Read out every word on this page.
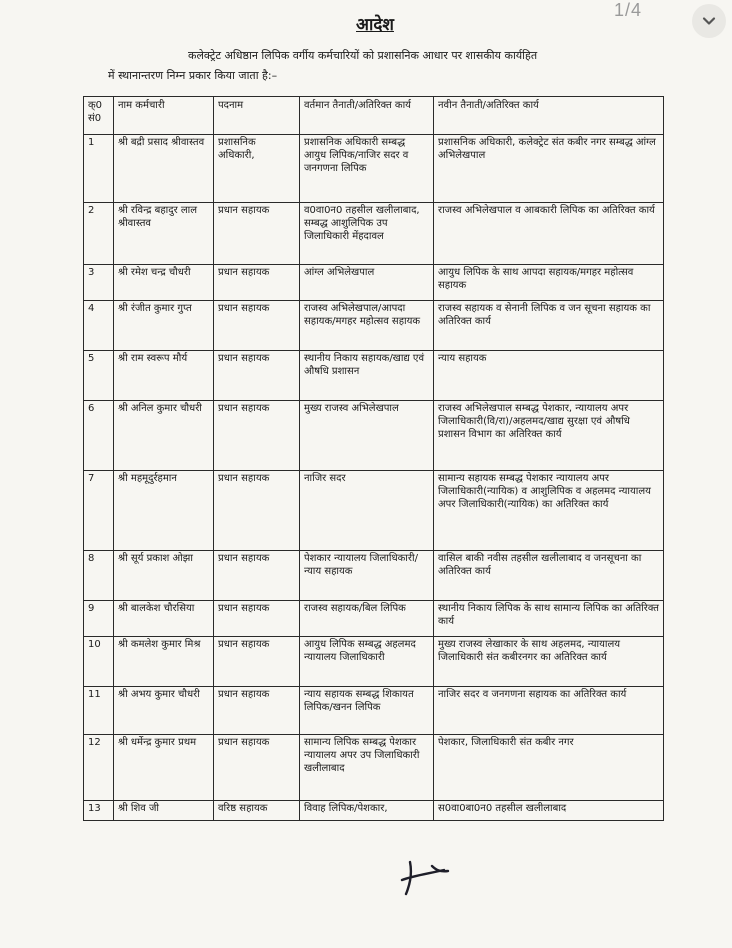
1/4
आदेश
कलेक्ट्रेट अधिष्ठान लिपिक वर्गीय कर्मचारियों को प्रशासनिक आधार पर शासकीय कार्यहित
में स्थानान्तरण निम्न प्रकार किया जाता है:–
क्0 सं0	नाम कर्मचारी	पदनाम	वर्तमान तैनाती/अतिरिक्त कार्य	नवीन तैनाती/अतिरिक्त कार्य
1	श्री बद्री प्रसाद श्रीवास्तव	प्रशासनिक अधिकारी,	प्रशासनिक अधिकारी सम्बद्ध आयुध लिपिक/नाजिर सदर व जनगणना लिपिक	प्रशासनिक अधिकारी, कलेक्ट्रेट संत कबीर नगर सम्बद्ध आंग्ल अभिलेखपाल
2	श्री रविन्द्र बहादुर लाल श्रीवास्तव	प्रधान सहायक	व0वा0न0 तहसील खलीलाबाद, सम्बद्ध आशुलिपिक उप जिलाधिकारी मेंहदावल	राजस्व अभिलेखपाल व आबकारी लिपिक का अतिरिक्त कार्य
3	श्री रमेश चन्द्र चौधरी	प्रधान सहायक	आंग्ल अभिलेखपाल	आयुध लिपिक के साथ आपदा सहायक/मगहर महोत्सव सहायक
4	श्री रंजीत कुमार गुप्त	प्रधान सहायक	राजस्व अभिलेखपाल/आपदा सहायक/मगहर महोत्सव सहायक	राजस्व सहायक व सेनानी लिपिक व जन सूचना सहायक का अतिरिक्त कार्य
5	श्री राम स्वरूप मौर्य	प्रधान सहायक	स्थानीय निकाय सहायक/खाद्य एवं औषधि प्रशासन	न्याय सहायक
6	श्री अनिल कुमार चौधरी	प्रधान सहायक	मुख्य राजस्व अभिलेखपाल	राजस्व अभिलेखपाल सम्बद्ध पेशकार, न्यायालय अपर जिलाधिकारी(वि/रा)/अहलमद/खाद्य सुरक्षा एवं औषधि प्रशासन विभाग का अतिरिक्त कार्य
7	श्री महमूदुर्रहमान	प्रधान सहायक	नाजिर सदर	सामान्य सहायक सम्बद्ध पेशकार न्यायालय अपर जिलाधिकारी(न्यायिक) व आशुलिपिक व अहलमद न्यायालय अपर जिलाधिकारी(न्यायिक) का अतिरिक्त कार्य
8	श्री सूर्य प्रकाश ओझा	प्रधान सहायक	पेशकार न्यायालय जिलाधिकारी/न्याय सहायक	वासिल बाकी नवीस तहसील खलीलाबाद व जनसूचना का अतिरिक्त कार्य
9	श्री बालकेश चौरसिया	प्रधान सहायक	राजस्व सहायक/बिल लिपिक	स्थानीय निकाय लिपिक के साथ सामान्य लिपिक का अतिरिक्त कार्य
10	श्री कमलेश कुमार मिश्र	प्रधान सहायक	आयुध लिपिक सम्बद्ध अहलमद न्यायालय जिलाधिकारी	मुख्य राजस्व लेखाकार के साथ अहलमद, न्यायालय जिलाधिकारी संत कबीरनगर का अतिरिक्त कार्य
11	श्री अभय कुमार चौधरी	प्रधान सहायक	न्याय सहायक सम्बद्ध शिकायत लिपिक/खनन लिपिक	नाजिर सदर व जनगणना सहायक का अतिरिक्त कार्य
12	श्री धर्मेन्द्र कुमार प्रथम	प्रधान सहायक	सामान्य लिपिक सम्बद्ध पेशकार न्यायालय अपर उप जिलाधिकारी खलीलाबाद	पेशकार, जिलाधिकारी संत कबीर नगर
13	श्री शिव जी	वरिष्ठ सहायक	विवाह लिपिक/पेशकार,	स0वा0बा0न0 तहसील खलीलाबाद
